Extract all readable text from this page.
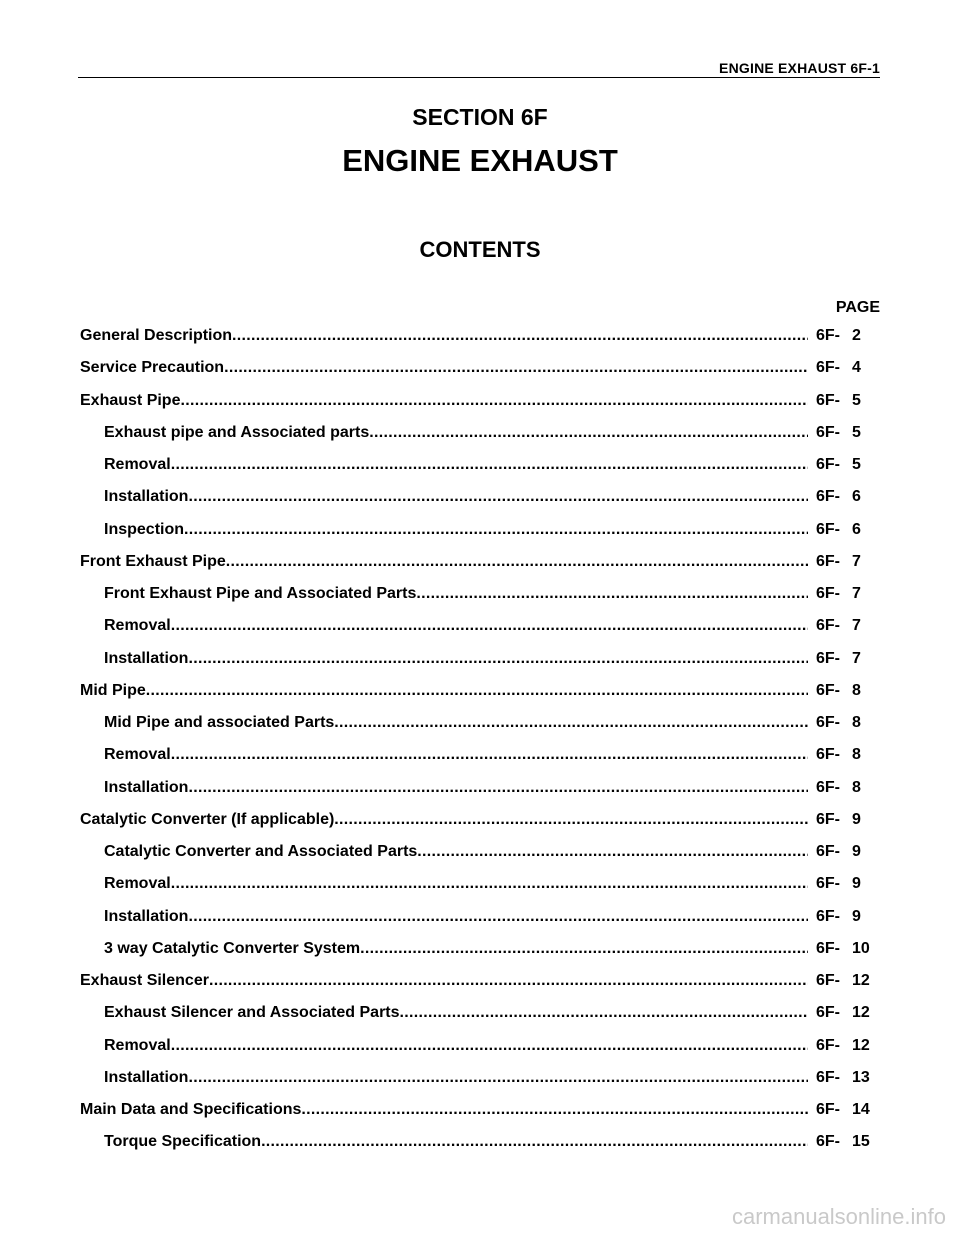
ENGINE EXHAUST 6F-1
SECTION 6F
ENGINE EXHAUST
CONTENTS
PAGE
General Description .....	6F- 2
Service Precaution .....	6F- 4
Exhaust Pipe .....	6F- 5
Exhaust pipe and Associated parts .....	6F- 5
Removal .....	6F- 5
Installation .....	6F- 6
Inspection .....	6F- 6
Front Exhaust Pipe .....	6F- 7
Front Exhaust Pipe and Associated Parts .....	6F- 7
Removal .....	6F- 7
Installation .....	6F- 7
Mid Pipe .....	6F- 8
Mid Pipe and associated Parts .....	6F- 8
Removal .....	6F- 8
Installation .....	6F- 8
Catalytic Converter (If applicable) .....	6F- 9
Catalytic Converter and Associated Parts .....	6F- 9
Removal .....	6F- 9
Installation .....	6F- 9
3 way Catalytic Converter System .....	6F- 10
Exhaust Silencer .....	6F- 12
Exhaust Silencer and Associated Parts .....	6F- 12
Removal .....	6F- 12
Installation .....	6F- 13
Main Data and Specifications .....	6F- 14
Torque Specification .....	6F- 15
carmanualsonline.info
